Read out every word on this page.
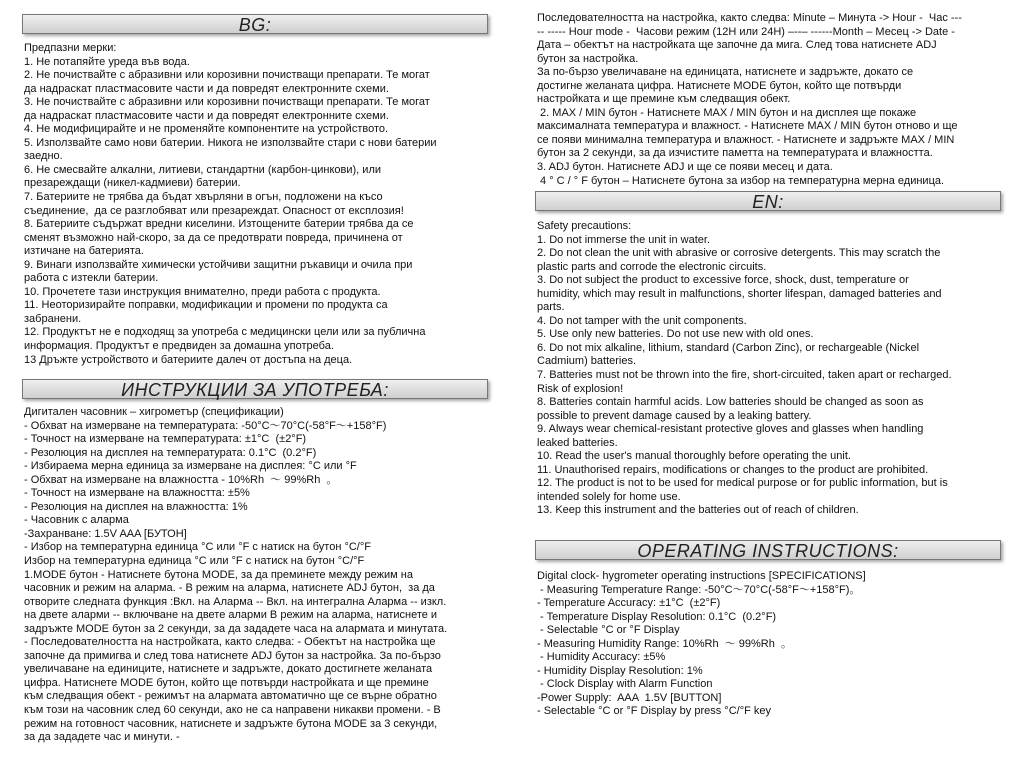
BG:
Предпазни мерки:
1. Не потапяйте уреда във вода.
2. Не почиствайте с абразивни или корозивни почистващи препарати. Те могат
да надраскат пластмасовите части и да повредят електронните схеми.
3. Не почиствайте с абразивни или корозивни почистващи препарати. Те могат
да надраскат пластмасовите части и да повредят електронните схеми.
4. Не модифицирайте и не променяйте компонентите на устройството.
5. Използвайте само нови батерии. Никога не използвайте стари с нови батерии
заедно.
6. Не смесвайте алкални, литиеви, стандартни (карбон-цинкови), или
презареждащи (никел-кадмиеви) батерии.
7. Батериите не трябва да бъдат хвърляни в огън, подложени на късо
съединение,  да се разглобяват или презареждат. Опасност от експлозия!
8. Батериите съдържат вредни киселини. Изтощените батерии трябва да се
сменят възможно най-скоро, за да се предотврати повреда, причинена от
изтичане на батерията.
9. Винаги използвайте химически устойчиви защитни ръкавици и очила при
работа с изтекли батерии.
10. Прочетете тази инструкция внимателно, преди работа с продукта.
11. Неоторизирайте поправки, модификации и промени по продукта са
забранени.
12. Продуктът не е подходящ за употреба с медицински цели или за публична
информация. Продуктът е предвиден за домашна употреба.
13 Дръжте устройството и батериите далеч от достъпа на деца.
ИНСТРУКЦИИ ЗА УПОТРЕБА:
Дигитален часовник – хигрометър (спецификации)
- Обхват на измерване на температурата: -50°C～70°C(-58°F～+158°F)
- Точност на измерване на температурата: ±1°C  (±2°F)
- Резолюция на дисплея на температурата: 0.1°C  (0.2°F)
- Избираема мерна единица за измерване на дисплея: °C или °F
- Обхват на измерване на влажността - 10%Rh  ～ 99%Rh  。
- Точност на измерване на влажността: ±5%
- Резолюция на дисплея на влажността: 1%
- Часовник с аларма
-Захранване: 1.5V AAA [БУТОН]
- Избор на температурна единица °C или °F с натиск на бутон °C/°F
Избор на температурна единица °C или °F с натиск на бутон °C/°F
1.MODE бутон - Натиснете бутона MODE, за да преминете между режим на
часовник и режим на аларма. - В режим на аларма, натиснете ADJ бутон,  за да
отворите следната функция :Вкл. на Аларма -- Вкл. на интегрална Аларма -- изкл.
на двете аларми -- включване на двете аларми В режим на аларма, натиснете и
задръжте MODE бутон за 2 секунди, за да зададете часа на алармата и минутата.
- Последователността на настройката, както следва: - Обектът на настройка ще
започне да примигва и след това натиснете ADJ бутон за настройка. За по-бързо
увеличаване на единиците, натиснете и задръжте, докато достигнете желаната
цифра. Натиснете MODE бутон, който ще потвърди настройката и ще премине
към следващия обект - режимът на алармата автоматично ще се върне обратно
към този на часовник след 60 секунди, ако не са направени никакви промени. - В
режим на готовност часовник, натиснете и задръжте бутона MODE за 3 секунди,
за да зададете час и минути. -
Последователността на настройка, както следва: Minute – Минута -> Hour -  Час ---
-- ----- Hour mode -  Часови режим (12H или 24H) –--– ------Month – Месец -> Date -
Дата – обектът на настройката ще започне да мига. След това натиснете ADJ
бутон за настройка.
За по-бързо увеличаване на единицата, натиснете и задръжте, докато се
достигне желаната цифра. Натиснете MODE бутон, който ще потвърди
настройката и ще премине към следващия обект.
2. MAX / MIN бутон - Натиснете MAX / MIN бутон и на дисплея ще покаже
максималната температура и влажност. - Натиснете MAX / MIN бутон отново и ще
се появи минимална температура и влажност. - Натиснете и задръжте MAX / MIN
бутон за 2 секунди, за да изчистите паметта на температурата и влажността.
3. ADJ бутон. Натиснете ADJ и ще се появи месец и дата.
4 ° C / ° F бутон – Натиснете бутона за избор на температурна мерна единица.
EN:
Safety precautions:
1. Do not immerse the unit in water.
2. Do not clean the unit with abrasive or corrosive detergents. This may scratch the
plastic parts and corrode the electronic circuits.
3. Do not subject the product to excessive force, shock, dust, temperature or
humidity, which may result in malfunctions, shorter lifespan, damaged batteries and
parts.
4. Do not tamper with the unit components.
5. Use only new batteries. Do not use new with old ones.
6. Do not mix alkaline, lithium, standard (Carbon Zinc), or rechargeable (Nickel
Cadmium) batteries.
7. Batteries must not be thrown into the fire, short-circuited, taken apart or recharged.
Risk of explosion!
8. Batteries contain harmful acids. Low batteries should be changed as soon as
possible to prevent damage caused by a leaking battery.
9. Always wear chemical-resistant protective gloves and glasses when handling
leaked batteries.
10. Read the user's manual thoroughly before operating the unit.
11. Unauthorised repairs, modifications or changes to the product are prohibited.
12. The product is not to be used for medical purpose or for public information, but is
intended solely for home use.
13. Keep this instrument and the batteries out of reach of children.
OPERATING INSTRUCTIONS:
Digital clock- hygrometer operating instructions [SPECIFICATIONS]
- Measuring Temperature Range: -50°C～70°C(-58°F～+158°F)。
- Temperature Accuracy: ±1°C  (±2°F)
- Temperature Display Resolution: 0.1°C  (0.2°F)
- Selectable °C or °F Display
- Measuring Humidity Range: 10%Rh  ～ 99%Rh  。
- Humidity Accuracy: ±5%
- Humidity Display Resolution: 1%
- Clock Display with Alarm Function
-Power Supply:  AAA  1.5V [BUTTON]
- Selectable °C or °F Display by press °C/°F key
